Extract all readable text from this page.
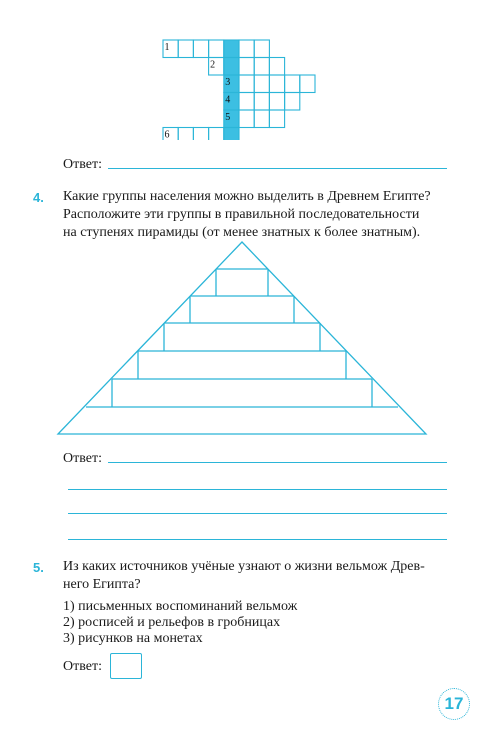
1
2
3
4
5
6
Ответ:
4. Какие группы населения можно выделить в Древнем Египте?
Расположите эти группы в правильной последовательности
на ступенях пирамиды (от менее знатных к более знатным).
Ответ:
5. Из каких источников учёные узнают о жизни вельмож Древ-
него Египта?
1) письменных воспоминаний вельмож
2) росписей и рельефов в гробницах
3) рисунков на монетах
Ответ:
17
